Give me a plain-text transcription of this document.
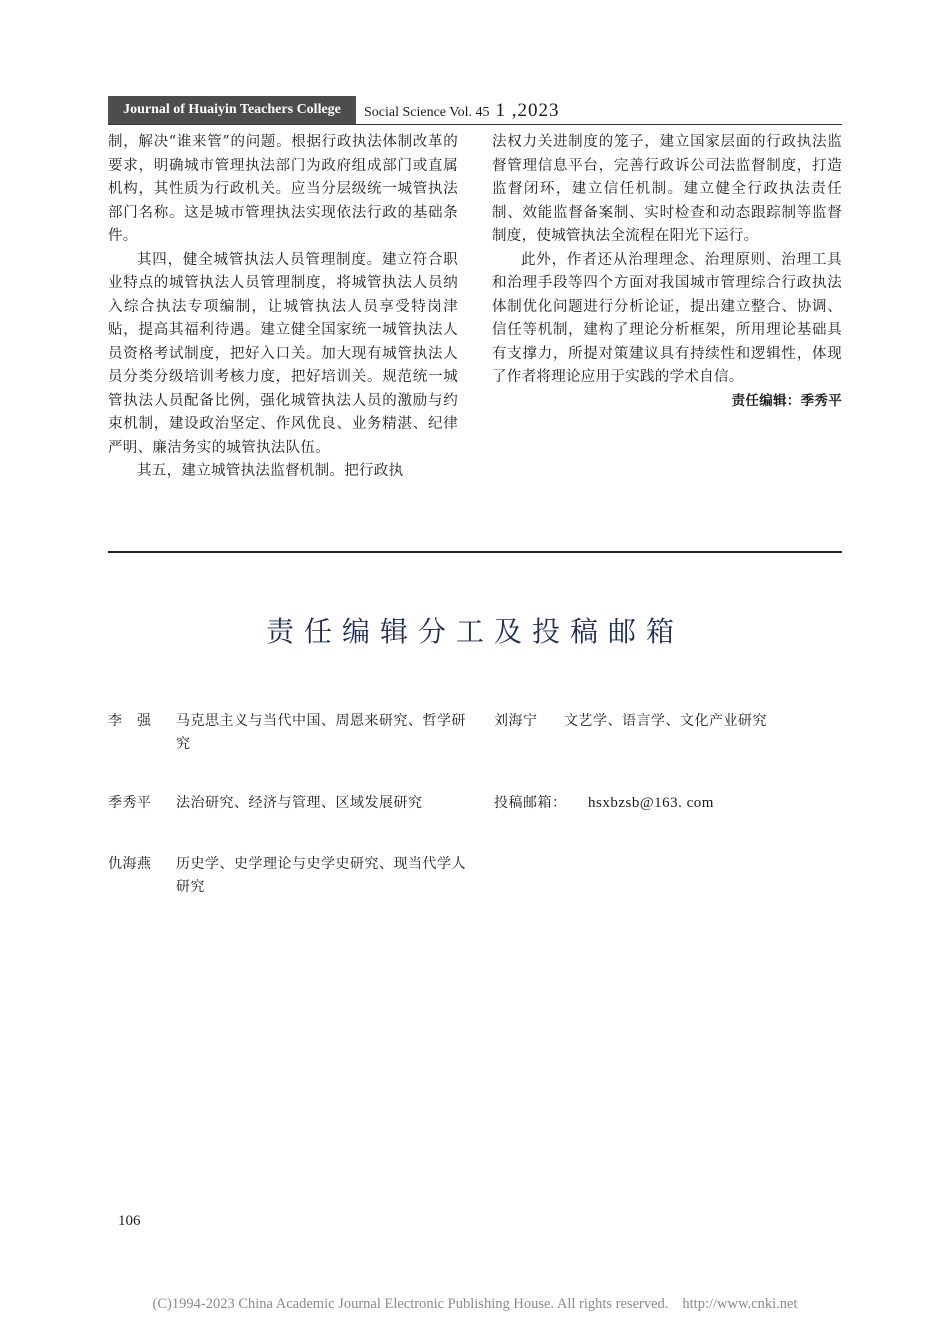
Journal of Huaiyin Teachers College	Social Science Vol. 45 1 ,2023

制，解决“谁来管”的问题。根据行政执法体制改革的要求，明确城市管理执法部门为政府组成部门或直属机构，其性质为行政机关。应当分层级统一城管执法部门名称。这是城市管理执法实现依法行政的基础条件。

其四，健全城管执法人员管理制度。建立符合职业特点的城管执法人员管理制度，将城管执法人员纳入综合执法专项编制，让城管执法人员享受特岗津贴，提高其福利待遇。建立健全国家统一城管执法人员资格考试制度，把好入口关。加大现有城管执法人员分类分级培训考核力度，把好培训关。规范统一城管执法人员配备比例，强化城管执法人员的激励与约束机制，建设政治坚定、作风优良、业务精湛、纪律严明、廉洁务实的城管执法队伍。

其五，建立城管执法监督机制。把行政执

法权力关进制度的笼子，建立国家层面的行政执法监督管理信息平台，完善行政诉公司法监督制度，打造监督闭环，建立信任机制。建立健全行政执法责任制、效能监督备案制、实时检查和动态跟踪制等监督制度，使城管执法全流程在阳光下运行。

此外，作者还从治理理念、治理原则、治理工具和治理手段等四个方面对我国城市管理综合行政执法体制优化问题进行分析论证，提出建立整合、协调、信任等机制，建构了理论分析框架，所用理论基础具有支撑力，所提对策建议具有持续性和逻辑性，体现了作者将理论应用于实践的学术自信。

责任编辑：季秀平

责任编辑分工及投稿邮箱
李　强 马克思主义与当代中国、周恩来研究、哲学研究
季秀平 法治研究、经济与管理、区域发展研究
仇海燕 历史学、史学理论与史学史研究、现当代学人研究
刘海宁 文艺学、语言学、文化产业研究
投稿邮箱： hsxbzsb@163. com
106
(C)1994-2023 China Academic Journal Electronic Publishing House. All rights reserved. http://www.cnki.net
